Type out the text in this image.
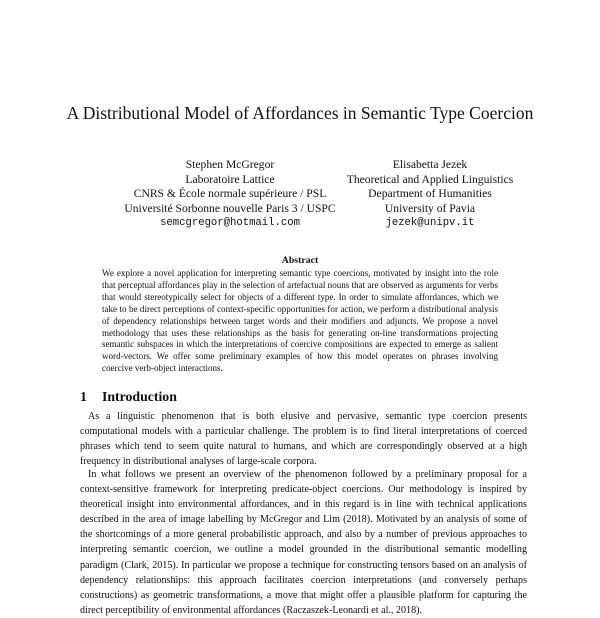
A Distributional Model of Affordances in Semantic Type Coercion
Stephen McGregor
Laboratoire Lattice
CNRS & École normale supérieure / PSL
Université Sorbonne nouvelle Paris 3 / USPC
semcgregor@hotmail.com
Elisabetta Jezek
Theoretical and Applied Linguistics
Department of Humanities
University of Pavia
jezek@unipv.it
Abstract

We explore a novel application for interpreting semantic type coercions, motivated by insight into the role that perceptual affordances play in the selection of artefactual nouns that are observed as arguments for verbs that would stereotypically select for objects of a different type. In order to simulate affordances, which we take to be direct perceptions of context-specific opportunities for action, we perform a distributional analysis of dependency relationships between target words and their modifiers and adjuncts. We propose a novel methodology that uses these relationships as the basis for generating on-line transformations projecting semantic subspaces in which the interpretations of coercive compositions are expected to emerge as salient word-vectors. We offer some preliminary examples of how this model operates on phrases involving coercive verb-object interactions.

1 Introduction

As a linguistic phenomenon that is both elusive and pervasive, semantic type coercion presents computational models with a particular challenge. The problem is to find literal interpretations of coerced phrases which tend to seem quite natural to humans, and which are correspondingly observed at a high frequency in distributional analyses of large-scale corpora.

In what follows we present an overview of the phenomenon followed by a preliminary proposal for a context-sensitive framework for interpreting predicate-object coercions. Our methodology is inspired by theoretical insight into environmental affordances, and in this regard is in line with technical applications described in the area of image labelling by McGregor and Lim (2018). Motivated by an analysis of some of the shortcomings of a more general probabilistic approach, and also by a number of previous approaches to interpreting semantic coercion, we outline a model grounded in the distributional semantic modelling paradigm (Clark, 2015). In particular we propose a technique for constructing tensors based on an analysis of dependency relationships: this approach facilitates coercion interpretations (and conversely perhaps constructions) as geometric transformations, a move that might offer a plausible platform for capturing the direct perceptibility of environmental affordances (Raczaszek-Leonardi et al., 2018).
